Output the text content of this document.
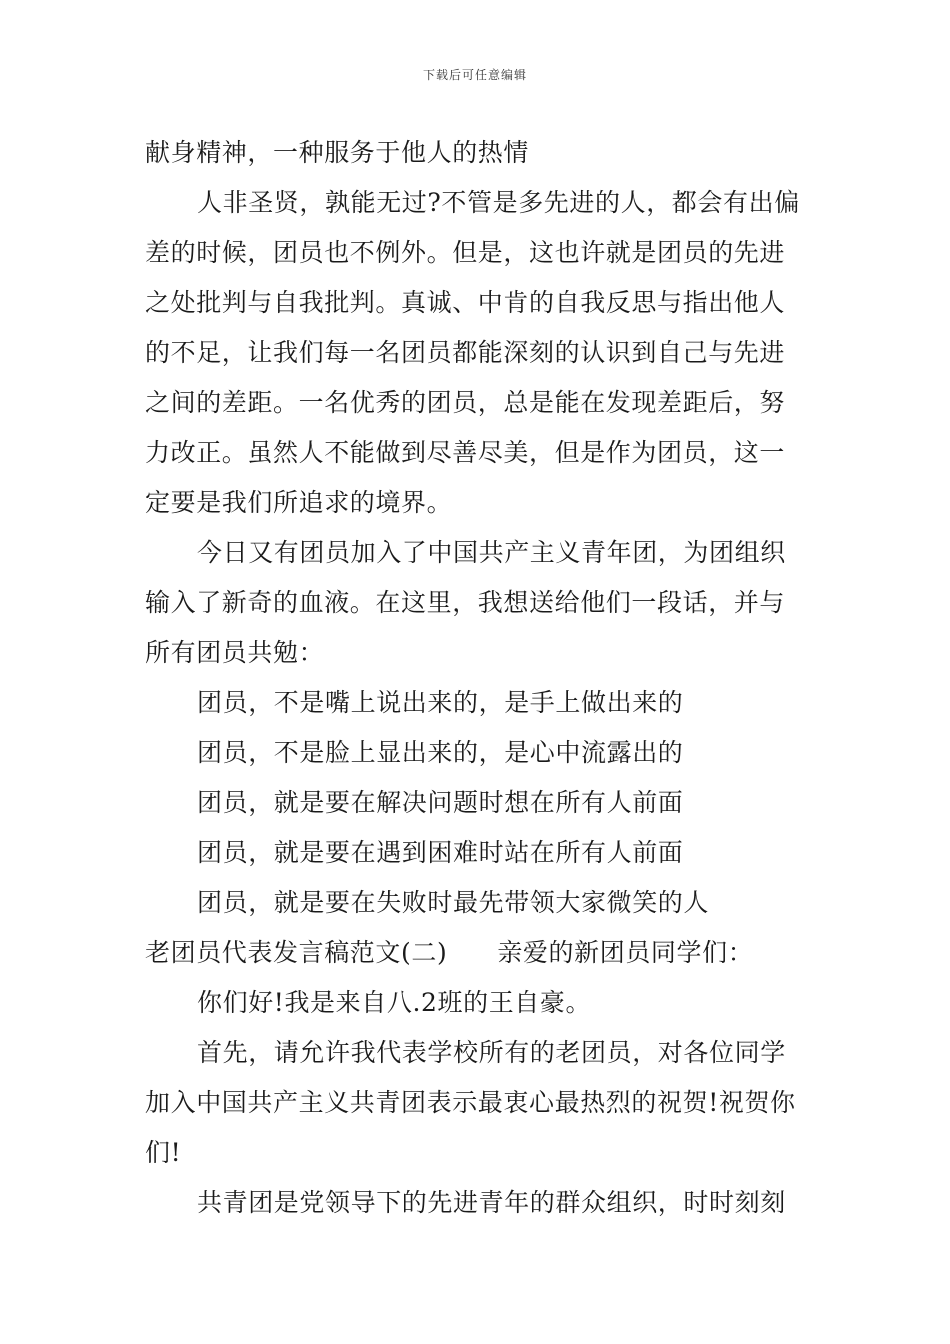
下载后可任意编辑

献身精神，一种服务于他人的热情

人非圣贤，孰能无过?不管是多先进的人，都会有出偏差的时候，团员也不例外。但是，这也许就是团员的先进之处批判与自我批判。真诚、中肯的自我反思与指出他人的不足，让我们每一名团员都能深刻的认识到自己与先进之间的差距。一名优秀的团员，总是能在发现差距后，努力改正。虽然人不能做到尽善尽美，但是作为团员，这一定要是我们所追求的境界。

今日又有团员加入了中国共产主义青年团，为团组织输入了新奇的血液。在这里，我想送给他们一段话，并与所有团员共勉：

团员，不是嘴上说出来的，是手上做出来的

团员，不是脸上显出来的，是心中流露出的

团员，就是要在解决问题时想在所有人前面

团员，就是要在遇到困难时站在所有人前面

团员，就是要在失败时最先带领大家微笑的人

老团员代表发言稿范文(二) 亲爱的新团员同学们：

你们好!我是来自八.2班的王自豪。

首先，请允许我代表学校所有的老团员，对各位同学加入中国共产主义共青团表示最衷心最热烈的祝贺!祝贺你们!

共青团是党领导下的先进青年的群众组织，时时刻刻
